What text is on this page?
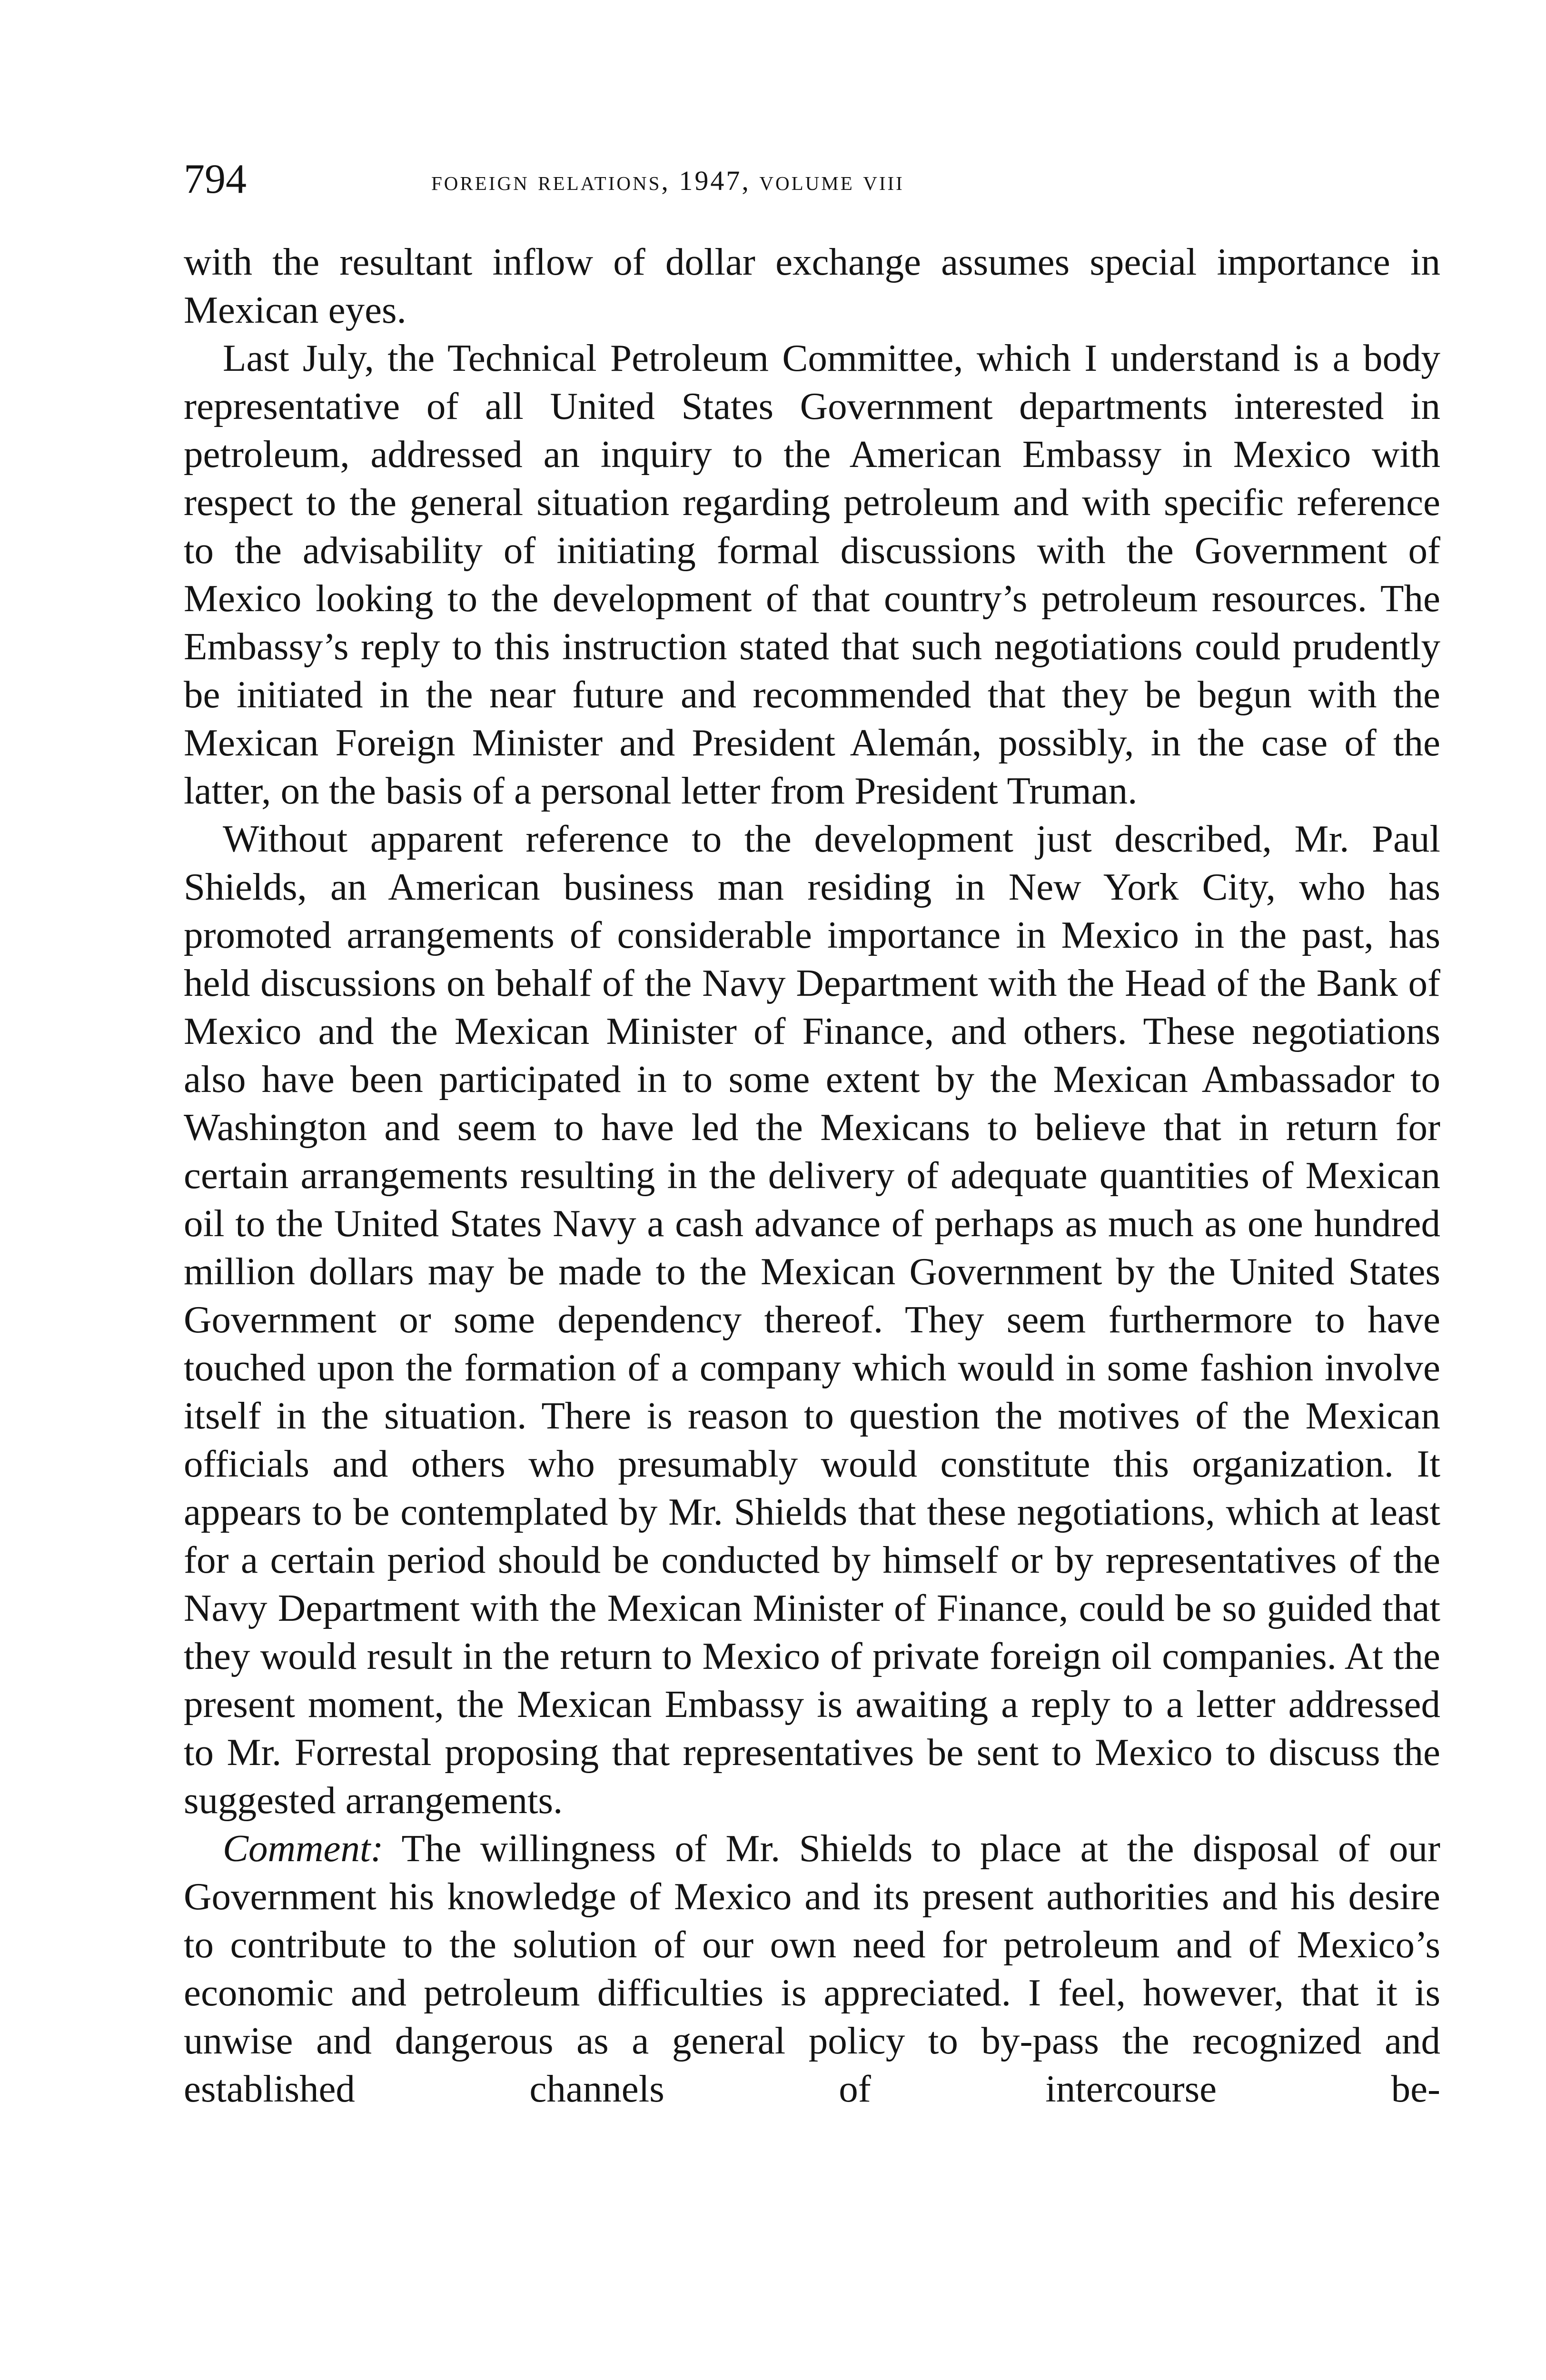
794	foreign relations, 1947, volume viii

with the resultant inflow of dollar exchange assumes special importance in Mexican eyes.

Last July, the Technical Petroleum Committee, which I understand is a body representative of all United States Government departments interested in petroleum, addressed an inquiry to the American Embassy in Mexico with respect to the general situation regarding petroleum and with specific reference to the advisability of initiating formal discussions with the Government of Mexico looking to the development of that country’s petroleum resources. The Embassy’s reply to this instruction stated that such negotiations could prudently be initiated in the near future and recommended that they be begun with the Mexican Foreign Minister and President Alemán, possibly, in the case of the latter, on the basis of a personal letter from President Truman.

Without apparent reference to the development just described, Mr. Paul Shields, an American business man residing in New York City, who has promoted arrangements of considerable importance in Mexico in the past, has held discussions on behalf of the Navy Department with the Head of the Bank of Mexico and the Mexican Minister of Finance, and others. These negotiations also have been participated in to some extent by the Mexican Ambassador to Washington and seem to have led the Mexicans to believe that in return for certain arrangements resulting in the delivery of adequate quantities of Mexican oil to the United States Navy a cash advance of perhaps as much as one hundred million dollars may be made to the Mexican Government by the United States Government or some dependency thereof. They seem furthermore to have touched upon the formation of a company which would in some fashion involve itself in the situation. There is reason to question the motives of the Mexican officials and others who presumably would constitute this organization. It appears to be contemplated by Mr. Shields that these negotiations, which at least for a certain period should be conducted by himself or by representatives of the Navy Department with the Mexican Minister of Finance, could be so guided that they would result in the return to Mexico of private foreign oil companies. At the present moment, the Mexican Embassy is awaiting a reply to a letter addressed to Mr. Forrestal proposing that representatives be sent to Mexico to discuss the suggested arrangements.

Comment: The willingness of Mr. Shields to place at the disposal of our Government his knowledge of Mexico and its present authorities and his desire to contribute to the solution of our own need for petroleum and of Mexico’s economic and petroleum difficulties is appreciated. I feel, however, that it is unwise and dangerous as a general policy to by-pass the recognized and established channels of intercourse be-
